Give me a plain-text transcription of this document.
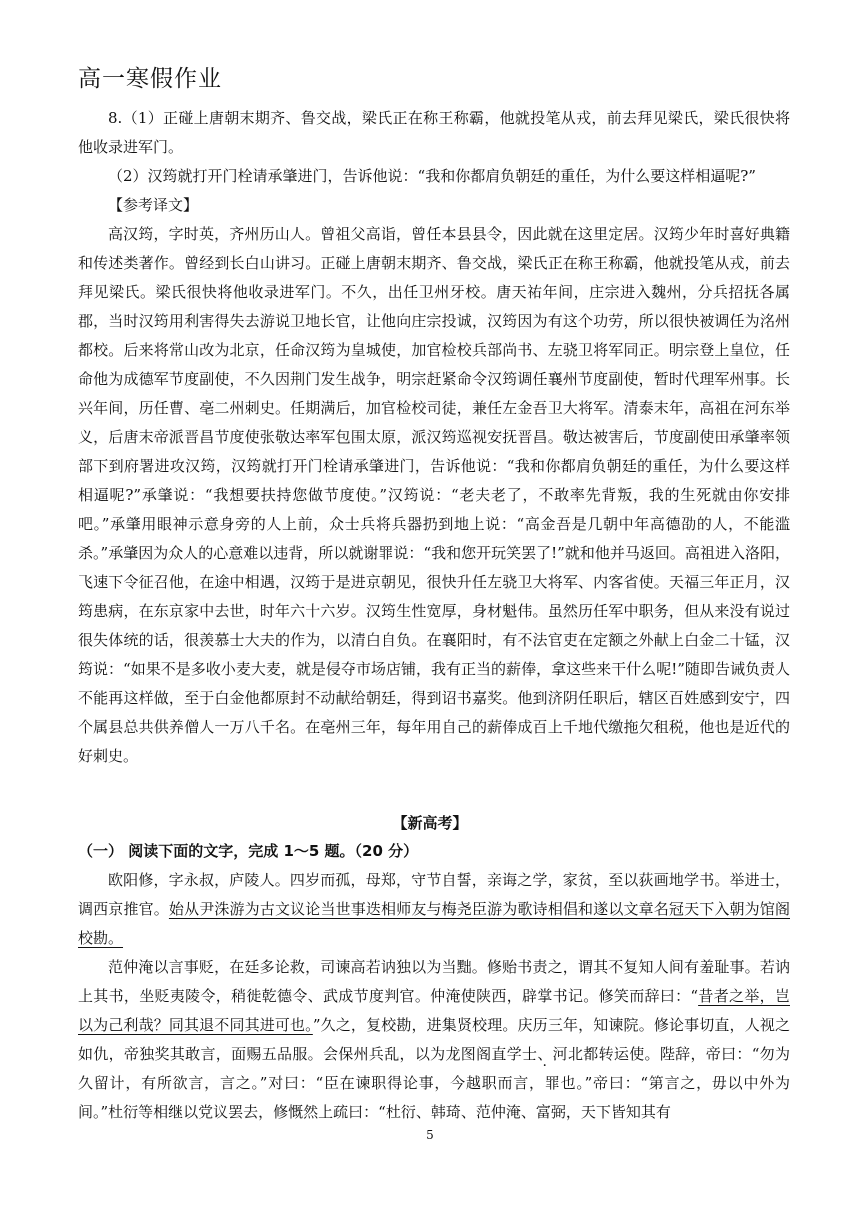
高一寒假作业

8.（1）正碰上唐朝末期齐、鲁交战，梁氏正在称王称霸，他就投笔从戎，前去拜见梁氏，梁氏很快将他收录进军门。

（2）汉筠就打开门栓请承肇进门，告诉他说：“我和你都肩负朝廷的重任，为什么要这样相逼呢?”

【参考译文】

高汉筠，字时英，齐州历山人。曾祖父高诣，曾任本县县令，因此就在这里定居。汉筠少年时喜好典籍和传述类著作。曾经到长白山讲习。正碰上唐朝末期齐、鲁交战，梁氏正在称王称霸，他就投笔从戎，前去拜见梁氏。梁氏很快将他收录进军门。不久，出任卫州牙校。唐天祐年间，庄宗进入魏州，分兵招抚各属郡，当时汉筠用利害得失去游说卫地长官，让他向庄宗投诚，汉筠因为有这个功劳，所以很快被调任为洺州都校。后来将常山改为北京，任命汉筠为皇城使，加官检校兵部尚书、左骁卫将军同正。明宗登上皇位，任命他为成德军节度副使，不久因荆门发生战争，明宗赶紧命令汉筠调任襄州节度副使，暂时代理军州事。长兴年间，历任曹、亳二州刺史。任期满后，加官检校司徒，兼任左金吾卫大将军。清泰末年，高祖在河东举义，后唐末帝派晋昌节度使张敬达率军包围太原，派汉筠巡视安抚晋昌。敬达被害后，节度副使田承肇率领部下到府署进攻汉筠，汉筠就打开门栓请承肇进门，告诉他说：“我和你都肩负朝廷的重任，为什么要这样相逼呢?”承肇说：“我想要扶持您做节度使。”汉筠说：“老夫老了，不敢率先背叛，我的生死就由你安排吧。”承肇用眼神示意身旁的人上前，众士兵将兵器扔到地上说：“高金吾是几朝中年高德劭的人，不能滥杀。”承肇因为众人的心意难以违背，所以就谢罪说：“我和您开玩笑罢了!”就和他并马返回。高祖进入洛阳，飞速下令征召他，在途中相遇，汉筠于是进京朝见，很快升任左骁卫大将军、内客省使。天福三年正月，汉筠患病，在东京家中去世，时年六十六岁。汉筠生性宽厚，身材魁伟。虽然历任军中职务，但从来没有说过很失体统的话，很羡慕士大夫的作为，以清白自负。在襄阳时，有不法官吏在定额之外献上白金二十锰，汉筠说：“如果不是多收小麦大麦，就是侵夺市场店铺，我有正当的薪俸，拿这些来干什么呢!”随即告诫负责人不能再这样做，至于白金他都原封不动献给朝廷，得到诏书嘉奖。他到济阴任职后，辖区百姓感到安宁，四个属县总共供养僧人一万八千名。在亳州三年，每年用自己的薪俸成百上千地代缴拖欠租税，他也是近代的好刺史。

【新高考】
（一） 阅读下面的文字，完成 1～5 题。（20 分）

欧阳修，字永叔，庐陵人。四岁而孤，母郑，守节自誓，亲诲之学，家贫，至以荻画地学书。举进士，调西京推官。始从尹洙游为古文议论当世事迭相师友与梅尧臣游为歌诗相倡和遂以文章名冠天下入朝为馆阁校勘。

范仲淹以言事贬，在廷多论救，司谏高若讷独以为当黜。修贻书责之，谓其不复知人间有羞耻事。若讷上其书，坐贬夷陵令，稍徙乾德令、武成节度判官。仲淹使陕西，辟掌书记。修笑而辞曰：“昔者之举，岂以为己利哉？同其退不同其进可也。”久之，复校勘，进集贤校理。庆历三年，知谏院。修论事切直，人视之如仇，帝独奖其敢言，面赐五品服。会保州兵乱，以为龙图阁直学士、河北都转运使。陛辞，帝曰：“勿为久留计，有所欲言，言之。”对曰：“臣在谏职得论事，今越职而言，罪也。”帝曰：“第言之，毋以中外为间。”杜衍等相继以党议罢去，修慨然上疏曰：“杜衍、韩琦、范仲淹、富弼，天下皆知其有

5
